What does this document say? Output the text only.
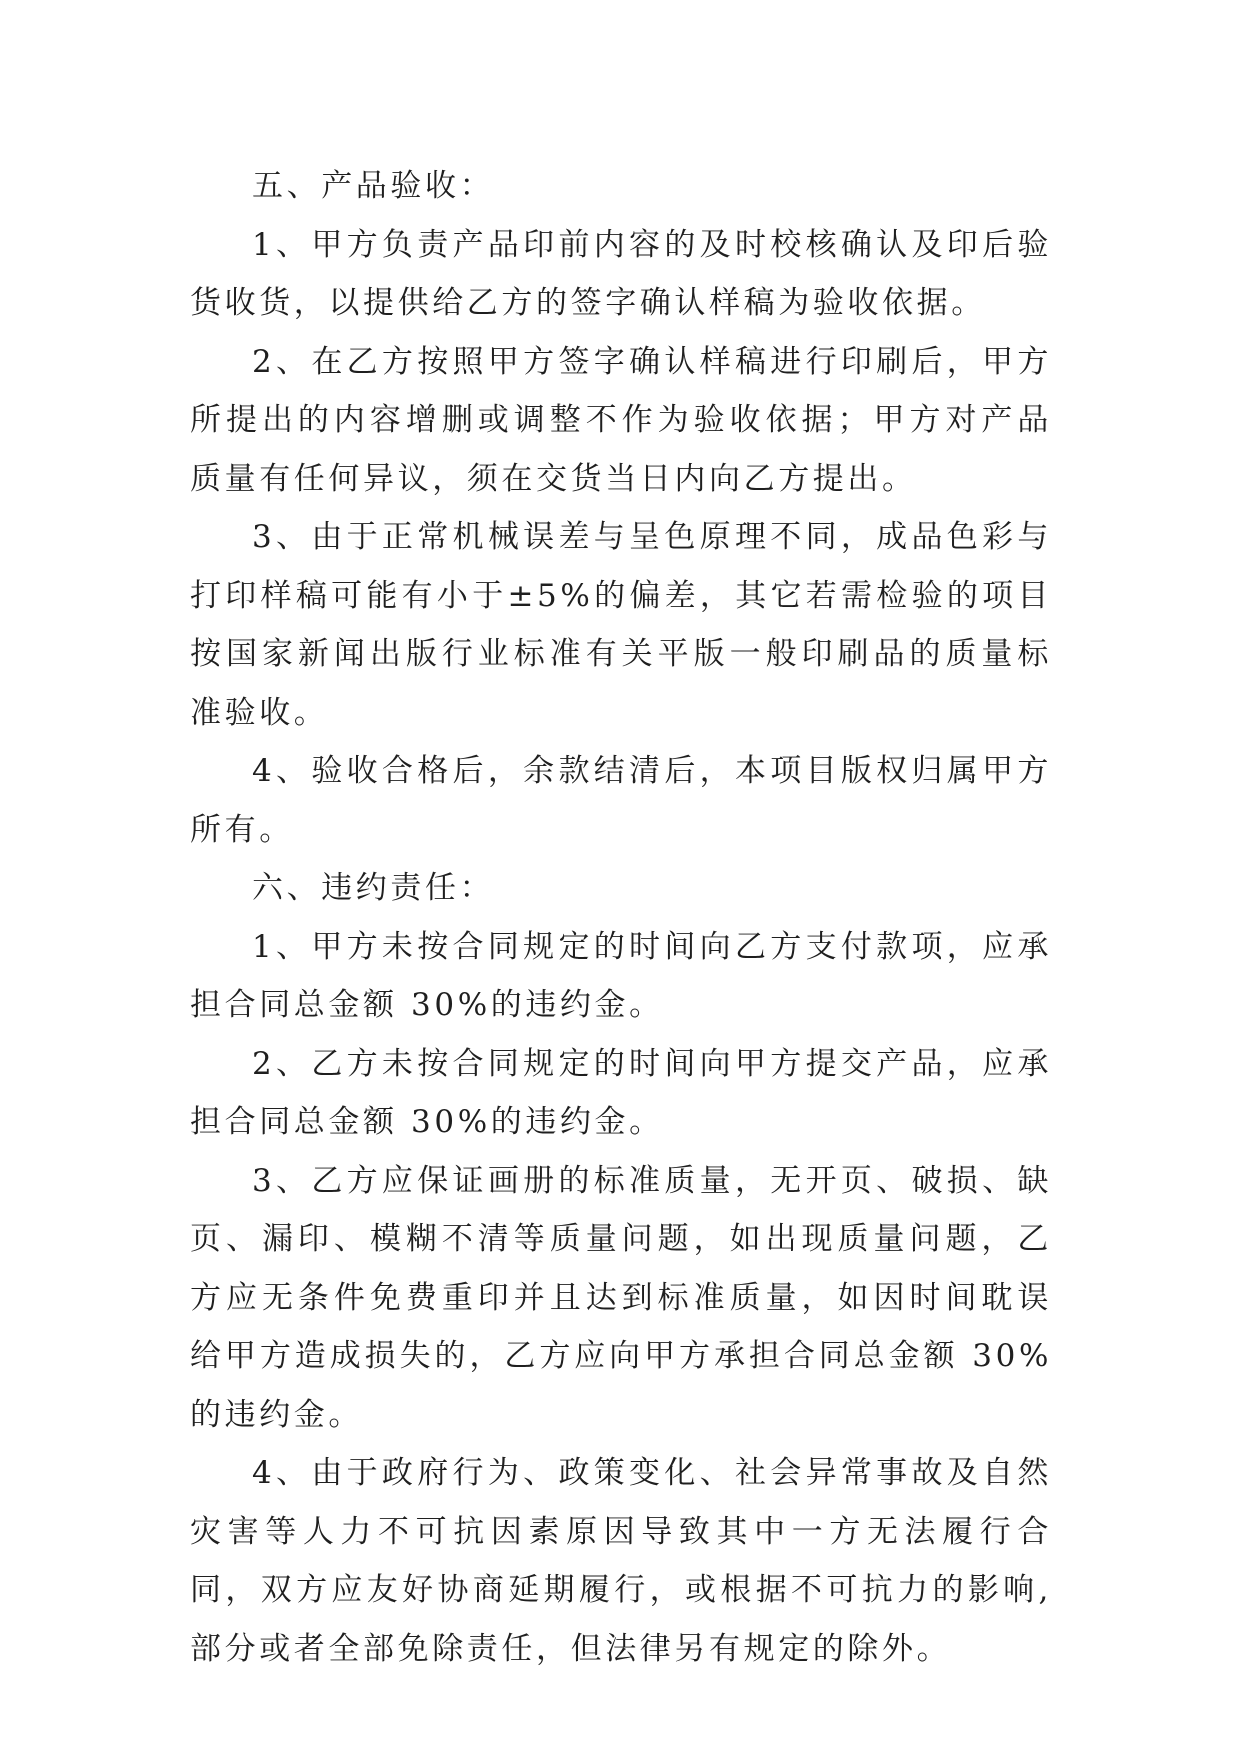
五、产品验收：

1、甲方负责产品印前内容的及时校核确认及印后验货收货，以提供给乙方的签字确认样稿为验收依据。

2、在乙方按照甲方签字确认样稿进行印刷后，甲方所提出的内容增删或调整不作为验收依据；甲方对产品质量有任何异议，须在交货当日内向乙方提出。

3、由于正常机械误差与呈色原理不同，成品色彩与打印样稿可能有小于±5%的偏差，其它若需检验的项目按国家新闻出版行业标准有关平版一般印刷品的质量标准验收。

4、验收合格后，余款结清后，本项目版权归属甲方所有。

六、违约责任：

1、甲方未按合同规定的时间向乙方支付款项，应承担合同总金额 30%的违约金。

2、乙方未按合同规定的时间向甲方提交产品，应承担合同总金额 30%的违约金。

3、乙方应保证画册的标准质量，无开页、破损、缺页、漏印、模糊不清等质量问题，如出现质量问题，乙方应无条件免费重印并且达到标准质量，如因时间耽误给甲方造成损失的，乙方应向甲方承担合同总金额 30%的违约金。

4、由于政府行为、政策变化、社会异常事故及自然灾害等人力不可抗因素原因导致其中一方无法履行合同，双方应友好协商延期履行，或根据不可抗力的影响,部分或者全部免除责任，但法律另有规定的除外。
